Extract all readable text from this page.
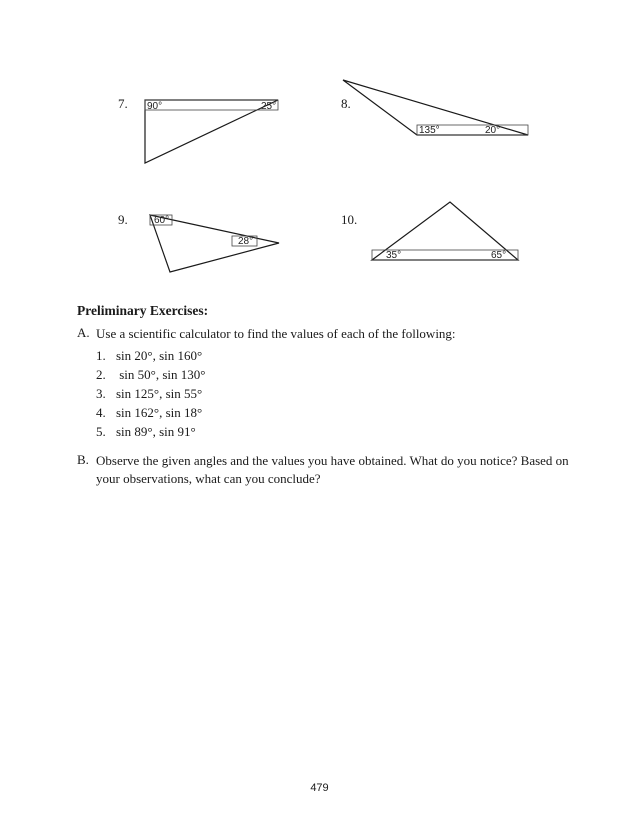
7.	8.
9.	10.
90°	25°
135°	20°
60°
28°
35°	65°
Preliminary Exercises:
A. Use a scientific calculator to find the values of each of the following:
1. sin 20°, sin 160°
2. sin 50°, sin 130°
3. sin 125°, sin 55°
4. sin 162°, sin 18°
5. sin 89°, sin 91°
B. Observe the given angles and the values you have obtained. What do you notice? Based on
your observations, what can you conclude?
479
